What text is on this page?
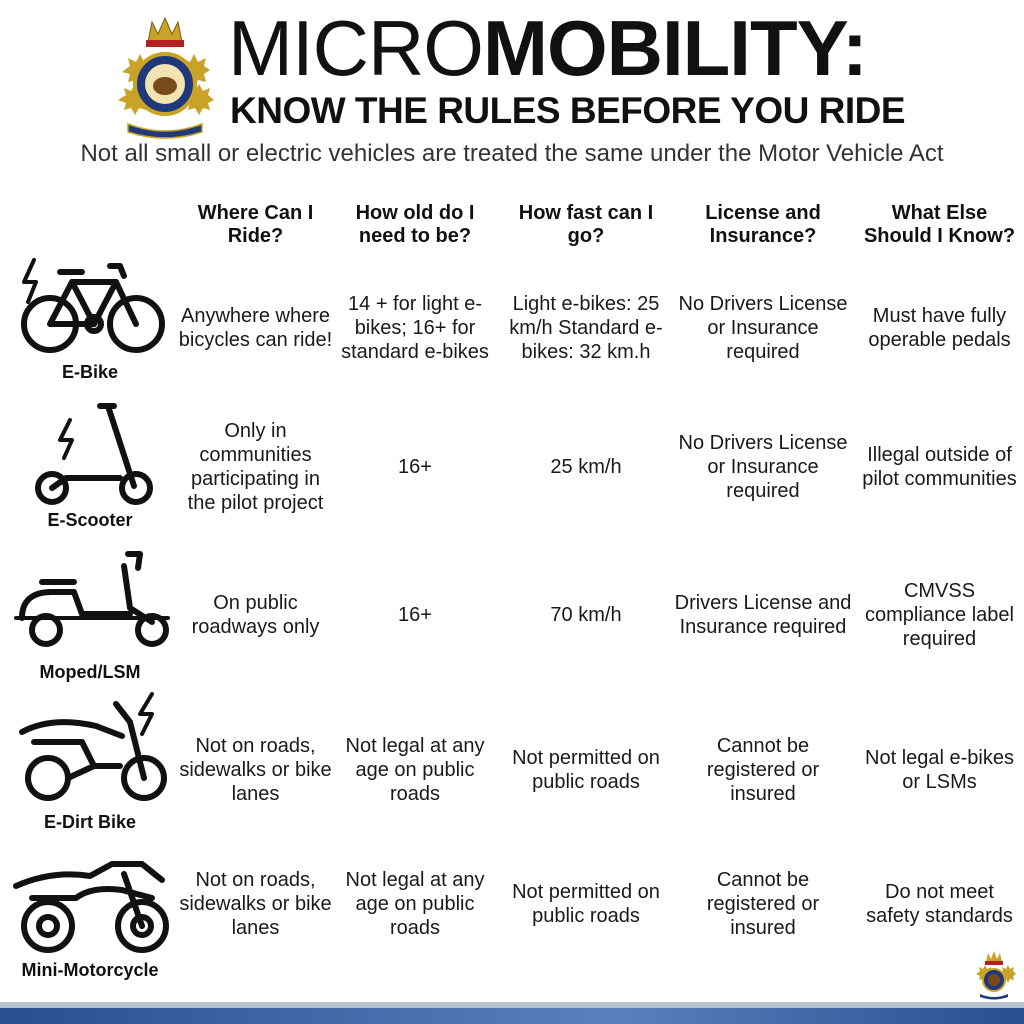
MICROMOBILITY:
KNOW THE RULES BEFORE YOU RIDE
Not all small or electric vehicles are treated the same under the Motor Vehicle Act
Where Can I Ride?
How old do I need to be?
How fast can I go?
License and Insurance?
What Else Should I Know?
E-Bike
Anywhere where bicycles can ride!
14 + for light e-bikes; 16+ for standard e-bikes
Light e-bikes: 25 km/h Standard e-bikes: 32 km.h
No Drivers License or Insurance required
Must have fully operable pedals
E-Scooter
Only in communities participating in the pilot project
16+	25 km/h
No Drivers License or Insurance required
Illegal outside of pilot communities
Moped/LSM
On public roadways only
16+	70 km/h
Drivers License and Insurance required
CMVSS compliance label required
E-Dirt Bike
Not on roads, sidewalks or bike lanes
Not legal at any age on public roads
Not permitted on public roads
Cannot be registered or insured
Not legal e-bikes or LSMs
Mini-Motorcycle
Not on roads, sidewalks or bike lanes
Not legal at any age on public roads
Not permitted on public roads
Cannot be registered or insured
Do not meet safety standards
